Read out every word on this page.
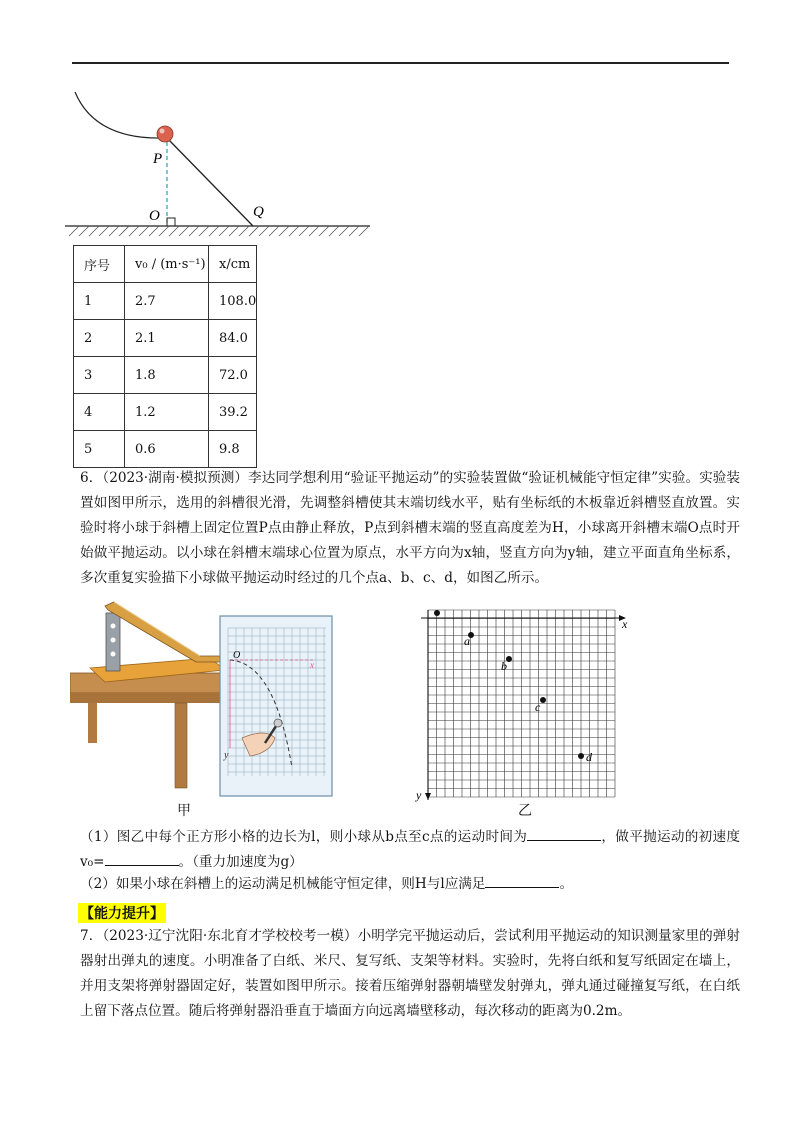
P
O	Q
序号	v₀ / (m·s⁻¹)	x/cm
1	2.7	108.0
2	2.1	84.0
3	1.8	72.0
4	1.2	39.2
5	0.6	9.8
6．（2023·湖南·模拟预测）李达同学想利用“验证平抛运动”的实验装置做“验证机械能守恒定律”实验。实验装置如图甲所示，选用的斜槽很光滑，先调整斜槽使其末端切线水平，贴有坐标纸的木板靠近斜槽竖直放置。实验时将小球于斜槽上固定位置P点由静止释放，P点到斜槽末端的竖直高度差为H，小球离开斜槽末端O点时开始做平抛运动。以小球在斜槽末端球心位置为原点，水平方向为x轴，竖直方向为y轴，建立平面直角坐标系，多次重复实验描下小球做平抛运动时经过的几个点a、b、c、d，如图乙所示。
O
y
x
甲
x
y
a
b
c
d
乙
（1）图乙中每个正方形小格的边长为l，则小球从b点至c点的运动时间为	，做平抛运动的初速度v₀=	。（重力加速度为g）
（2）如果小球在斜槽上的运动满足机械能守恒定律，则H与l应满足	。
【能力提升】
7．（2023·辽宁沈阳·东北育才学校校考一模）小明学完平抛运动后，尝试利用平抛运动的知识测量家里的弹射器射出弹丸的速度。小明准备了白纸、米尺、复写纸、支架等材料。实验时，先将白纸和复写纸固定在墙上，并用支架将弹射器固定好，装置如图甲所示。接着压缩弹射器朝墙壁发射弹丸，弹丸通过碰撞复写纸，在白纸上留下落点位置。随后将弹射器沿垂直于墙面方向远离墙壁移动，每次移动的距离为0.2m。
